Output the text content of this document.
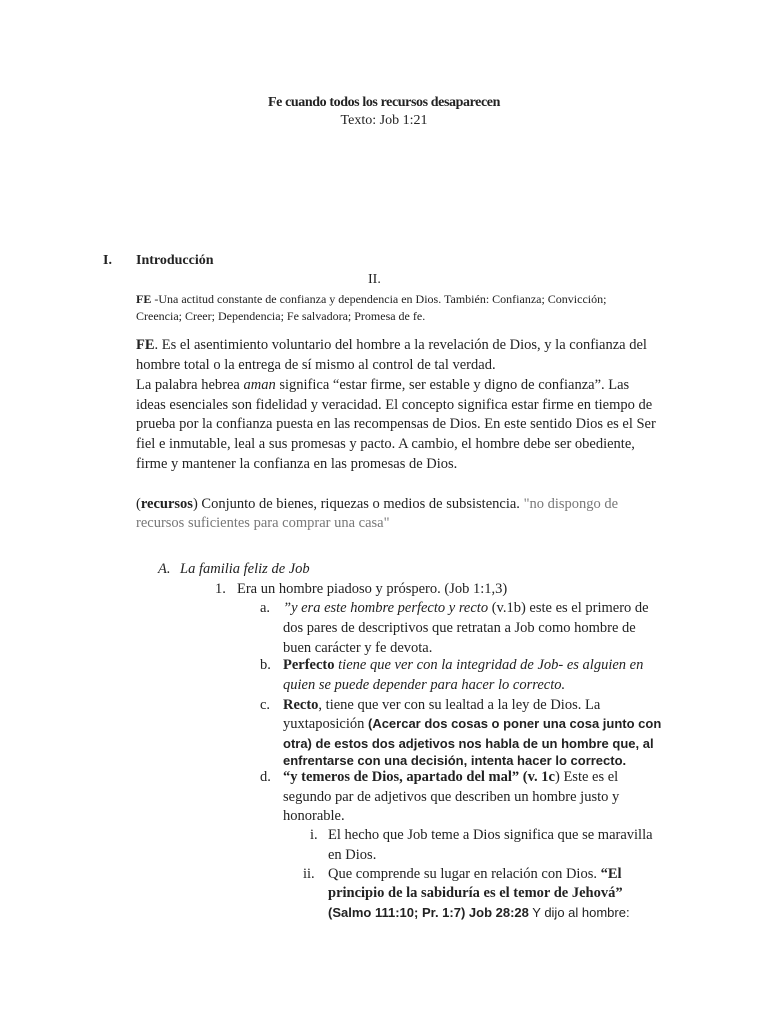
Fe cuando todos los recursos desaparecen
Texto: Job 1:21
I. Introducción
II.
FE -Una actitud constante de confianza y dependencia en Dios. También: Confianza; Convicción;
Creencia; Creer; Dependencia; Fe salvadora; Promesa de fe.
FE. Es el asentimiento voluntario del hombre a la revelación de Dios, y la confianza del
hombre total o la entrega de sí mismo al control de tal verdad.
La palabra hebrea aman significa “estar firme, ser estable y digno de confianza”. Las
ideas esenciales son fidelidad y veracidad. El concepto significa estar firme en tiempo de
prueba por la confianza puesta en las recompensas de Dios. En este sentido Dios es el Ser
fiel e inmutable, leal a sus promesas y pacto. A cambio, el hombre debe ser obediente,
firme y mantener la confianza en las promesas de Dios.
(recursos) Conjunto de bienes, riquezas o medios de subsistencia. "no dispongo de
recursos suficientes para comprar una casa"
A. La familia feliz de Job
1. Era un hombre piadoso y próspero. (Job 1:1,3)
a. ”y era este hombre perfecto y recto (v.1b) este es el primero de
dos pares de descriptivos que retratan a Job como hombre de
buen carácter y fe devota.
b. Perfecto tiene que ver con la integridad de Job- es alguien en
quien se puede depender para hacer lo correcto.
c. Recto, tiene que ver con su lealtad a la ley de Dios. La
yuxtaposición (Acercar dos cosas o poner una cosa junto con
otra) de estos dos adjetivos nos habla de un hombre que, al
enfrentarse con una decisión, intenta hacer lo correcto.
d. “y temeros de Dios, apartado del mal” (v. 1c) Este es el
segundo par de adjetivos que describen un hombre justo y
honorable.
i. El hecho que Job teme a Dios significa que se maravilla
en Dios.
ii. Que comprende su lugar en relación con Dios. “El
principio de la sabiduría es el temor de Jehová”
(Salmo 111:10; Pr. 1:7) Job 28:28 Y dijo al hombre:
